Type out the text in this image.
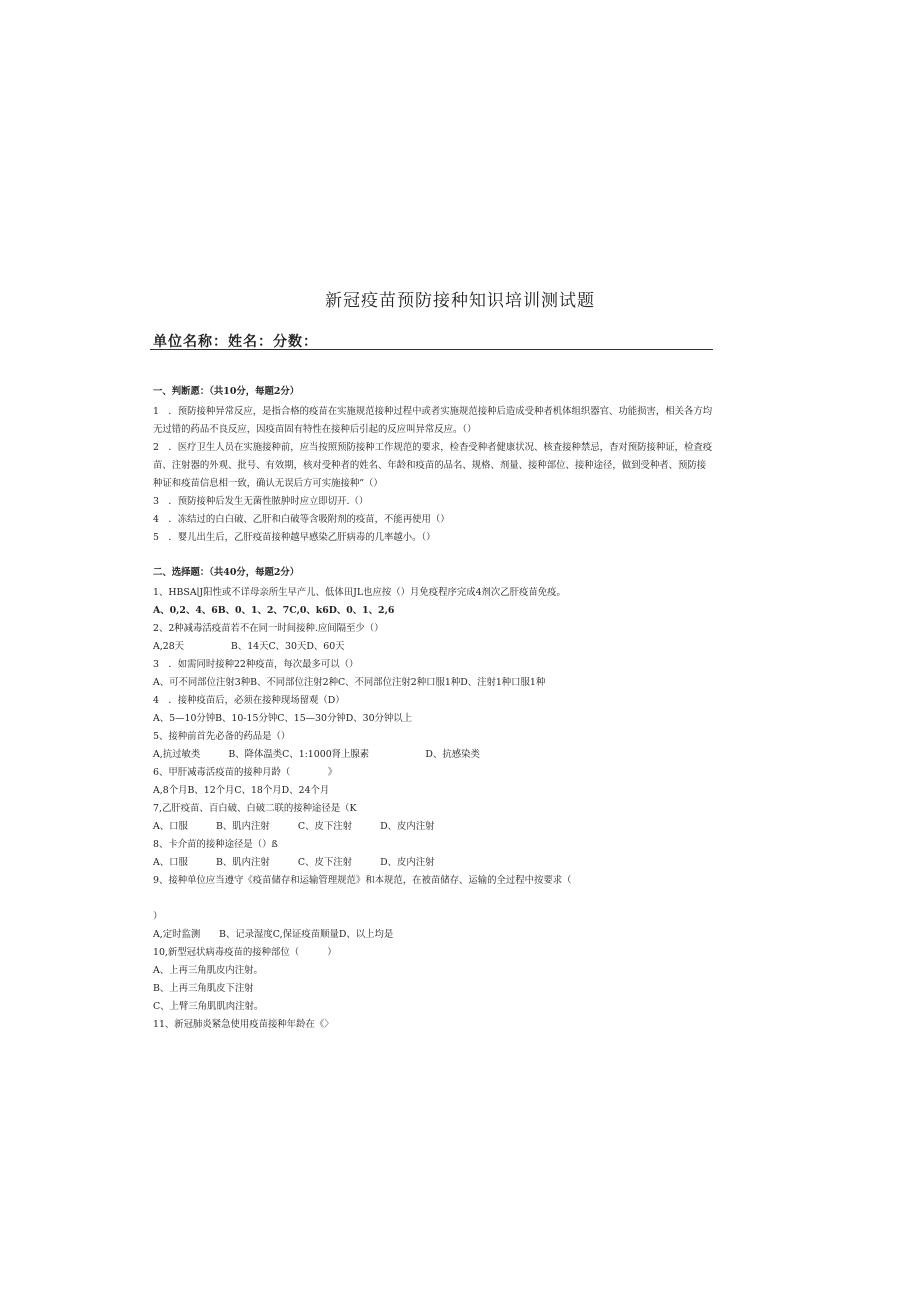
新冠疫苗预防接种知识培训测试题
单位名称：姓名：分数：

一、判断愿：（共10分，每题2分）

1　．预防接种异常反应，是指合格的疫苗在实施规范接种过程中或者实施规范接种后造成受种者机体组织器官、功能损害，相关各方均无过错的药品不良反应，因疫苗固有特性在接种后引起的反应叫异常反应。（）

2　．医疗卫生人员在实施接种前，应当按照预防接种工作规范的要求，检杳受种者健康状况、核査接种禁忌，杳对预防接种证，检査疫苗、注射器的外观、批号、有效期，核对受种者的姓名、年龄和疫苗的品名、规格、剂量、接种部位、接种途径，做到受种者、预防接种证和疫苗信息相一致，确认无误后方可实施接种”（）

3　．预防接种后发生无菌性脓肿时应立即切开.（）

4　．冻结过的白白破、乙肝和白破等含吸附剂的疫苗，不能再使用（）

5　．婴儿出生后，乙肝疫苗接种越早感染乙肝病毒的几率越小。（）

二、选择题：（共40分，每题2分）

1、HBSA∣J阳性或不详母亲所生早产儿、低体田JL也应按（）月免疫程序完成4剂次乙肝疫苗免疫。

A、0,2、4、6B、0、1、2、7C,0、k6D、0、1、2,6

2、2种减毒活疫苗若不在同一时间接种.应间隔至少（）

A,28天　　　　　B、14天C、30天D、60天

3　．如需同时接种22种疫苗，每次最多可以（）

A、可不同部位注射3种B、不同部位注射2种C、不同部位注射2种口服1种D、注射1种口服1种

4　．接种疫苗后，必须在接种现场留观（D）

A、5—10分钟B、10-15分钟C、15—30分钟D、30分钟以上

5、接种前首先必备的药品是（）

A,抗过敏类　　　B、降体温类C、1:1000肾上腺素　　　　　　D、抗感染类

6、甲肝减毒活疫苗的接种月龄（　　　　》

A,8个月B、12个月C、18个月D、24个月

7,乙肝疫苗、百白破、白破二联的接种途径是（K

A、口服　　　B、肌内注射　　　C、皮下注射　　　D、皮内注射

8、卡介苗的接种途径是（）ß

A、口服　　　B、肌内注射　　　C、皮下注射　　　D、皮内注射

9、接种单位应当遵守《疫苗储存和运输管理规范》和本规范，在被苗储存、运输的全过程中按要求（

）

A,定时监测　　B、记录湿度C,保证疫苗顺量D、以上均是

10,新型冠状病毒疫苗的接种部位（　　　）

A、上再三角肌皮内注射。

B、上再三角肌皮下注射

C、上臂三角肌肌肉注射。

11、新冠肺炎紧急使用疫苗接种年龄在《〉
